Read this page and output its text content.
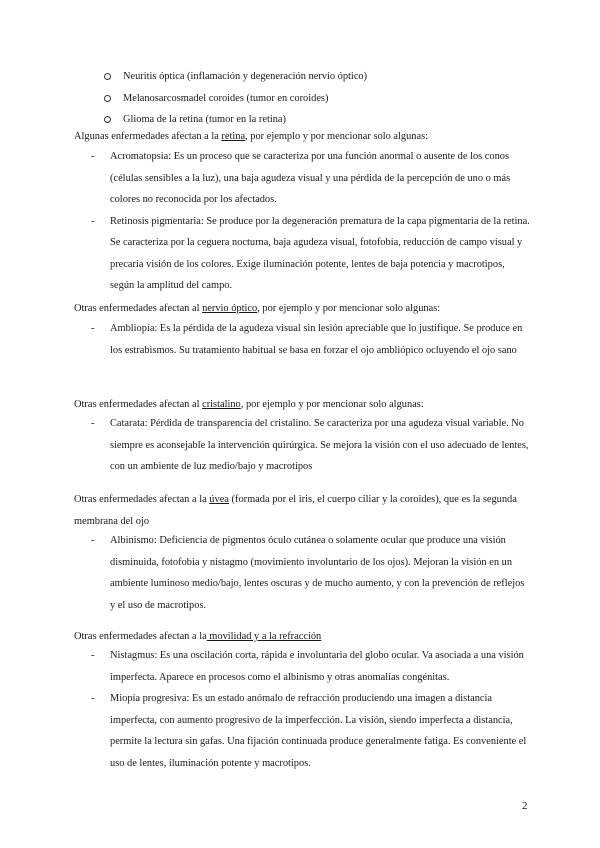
Neuritis óptica (inflamación y degeneración nervio óptico)
Melanosarcosmadel coroides (tumor en coroides)
Glioma de la retina (tumor en la retina)

Algunas enfermedades afectan a la retina, por ejemplo y por mencionar solo algunas:

- Acromatopsia: Es un proceso que se caracteriza por una función anormal o ausente de los conos (células sensibles a la luz), una baja agudeza visual y una pérdida de la percepción de uno o más colores no reconocida por los afectados.
- Retinosis pigmentaria: Se produce por la degeneración prematura de la capa pigmentaria de la retina. Se caracteriza por la ceguera nocturna, baja agudeza visual, fotofobia, reducción de campo visual y precaria visión de los colores. Exige iluminación potente, lentes de baja potencia y macrotipos, según la amplitud del campo.

Otras enfermedades afectan al nervio óptico, por ejemplo y por mencionar solo algunas:

- Ambliopía: Es la pérdida de la agudeza visual sin lesión apreciable que lo justifique. Se produce en los estrabismos. Su tratamiento habitual se basa en forzar el ojo ambliópico ocluyendo el ojo sano

Otras enfermedades afectan al cristalino, por ejemplo y por mencionar solo algunas:

- Catarata: Pérdida de transparencia del cristalino. Se caracteriza por una agudeza visual variable. No siempre es aconsejable la intervención quirúrgica. Se mejora la visión con el uso adecuado de lentes, con un ambiente de luz medio/bajo y macrotipos

Otras enfermedades afectan a la úvea (formada por el iris, el cuerpo ciliar y la coroides), que es la segunda membrana del ojo

- Albinismo: Deficiencia de pigmentos óculo cutánea o solamente ocular que produce una visión disminuida, fotofobia y nistagmo (movimiento involuntario de los ojos). Mejoran la visión en un ambiente luminoso medio/bajo, lentes oscuras y de mucho aumento, y con la prevención de reflejos y el uso de macrotipos.

Otras enfermedades afectan a la movilidad y a la refracción

- Nistagmus: Es una oscilación corta, rápida e involuntaria del globo ocular. Va asociada a una visión imperfecta. Aparece en procesos como el albinismo y otras anomalías congénitas.
- Miopía progresiva: Es un estado anómalo de refracción produciendo una imagen a distancia imperfecta, con aumento progresivo de la imperfección. La visión, siendo imperfecta a distancia, permite la lectura sin gafas. Una fijación continuada produce generalmente fatiga. Es conveniente el uso de lentes, iluminación potente y macrotipos.
2
